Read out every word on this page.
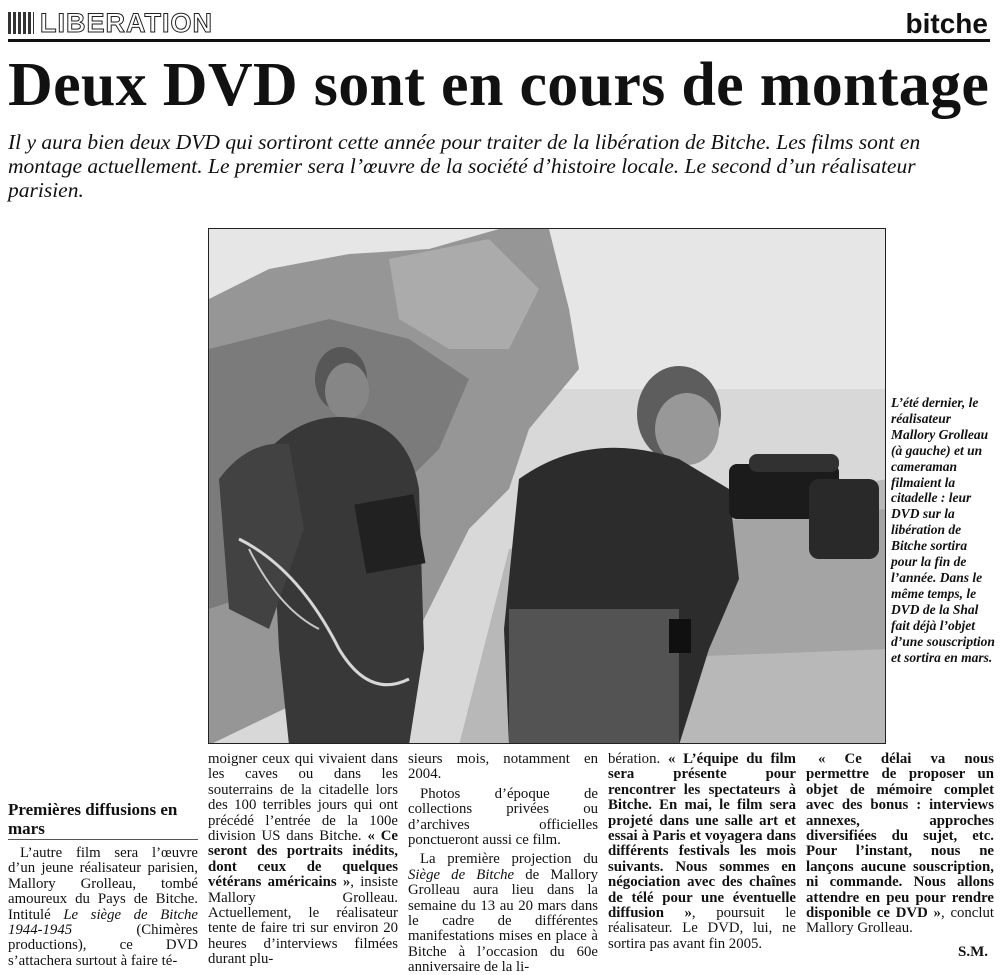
LIBERATION	bitche
Deux DVD sont en cours de montage

Il y aura bien deux DVD qui sortiront cette année pour traiter de la libération de Bitche. Les films sont en montage actuellement. Le premier sera l’œuvre de la société d’histoire locale. Le second d’un réalisateur parisien.

L’été dernier, le réalisateur Mallory Grolleau (à gauche) et un cameraman filmaient la citadelle : leur DVD sur la libération de Bitche sortira pour la fin de l’année. Dans le même temps, le DVD de la Shal fait déjà l’objet d’une souscription et sortira en mars.
Premières diffusions en mars

L’autre film sera l’œuvre d’un jeune réalisateur parisien, Mallory Grolleau, tombé amoureux du Pays de Bitche. Intitulé Le siège de Bitche 1944-1945 (Chimères productions), ce DVD s’attachera surtout à faire té-

moigner ceux qui vivaient dans les caves ou dans les souterrains de la citadelle lors des 100 terribles jours qui ont précédé l’entrée de la 100e division US dans Bitche. « Ce seront des portraits inédits, dont ceux de quelques vétérans américains », insiste Mallory Grolleau. Actuellement, le réalisateur tente de faire tri sur environ 20 heures d’interviews filmées durant plu-

sieurs mois, notamment en 2004.

Photos d’époque de collections privées ou d’archives officielles ponctueront aussi ce film.

La première projection du Siège de Bitche de Mallory Grolleau aura lieu dans la semaine du 13 au 20 mars dans le cadre de différentes manifestations mises en place à Bitche à l’occasion du 60e anniversaire de la li-

bération. « L’équipe du film sera présente pour rencontrer les spectateurs à Bitche. En mai, le film sera projeté dans une salle art et essai à Paris et voyagera dans différents festivals les mois suivants. Nous sommes en négociation avec des chaînes de télé pour une éventuelle diffusion », poursuit le réalisateur. Le DVD, lui, ne sortira pas avant fin 2005.

« Ce délai va nous permettre de proposer un objet de mémoire complet avec des bonus : interviews annexes, approches diversifiées du sujet, etc. Pour l’instant, nous ne lançons aucune souscription, ni commande. Nous allons attendre en peu pour rendre disponible ce DVD », conclut Mallory Grolleau.

S.M.
